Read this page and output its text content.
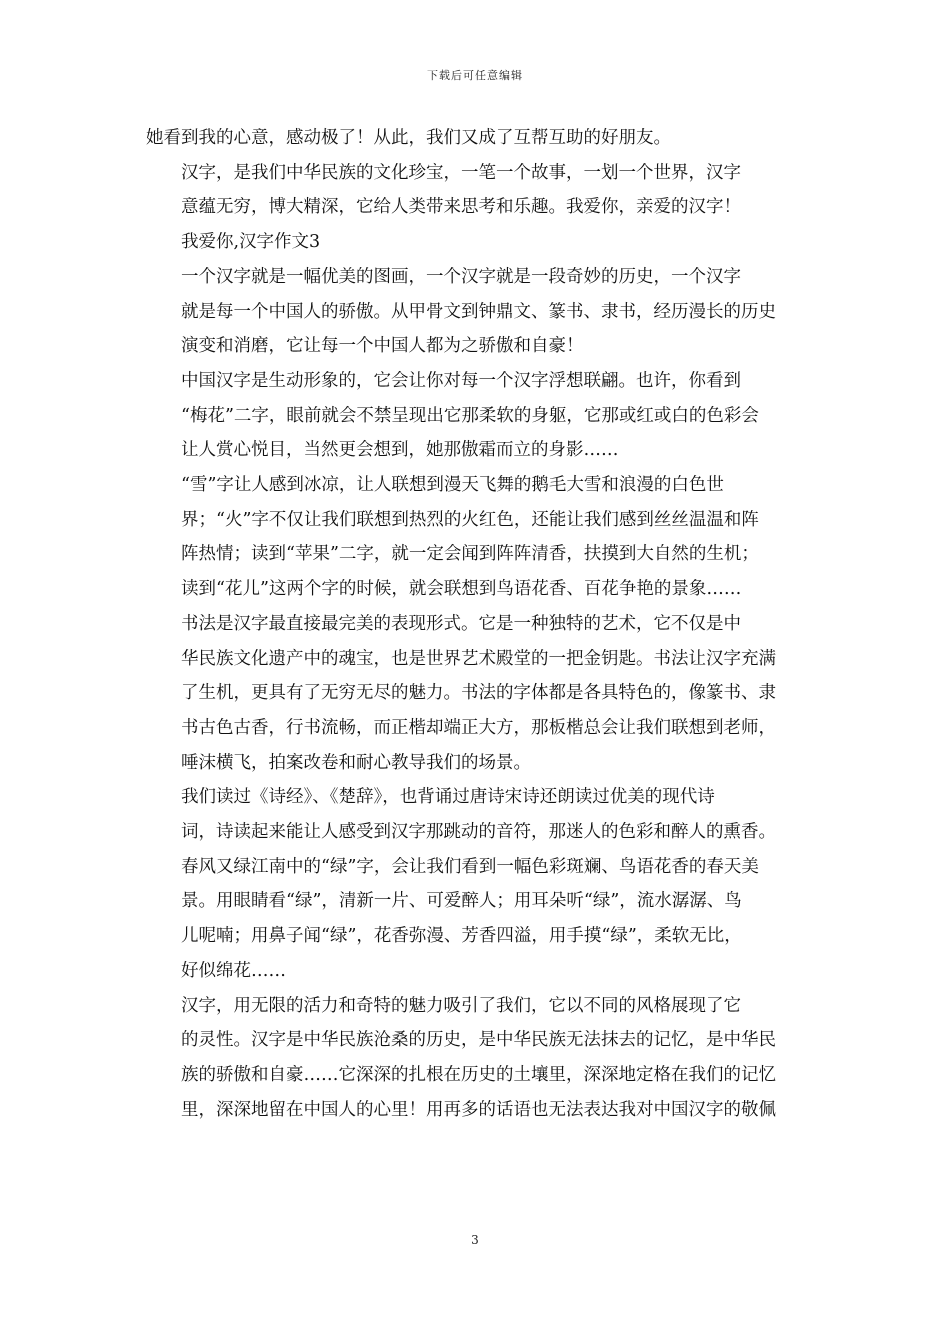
下载后可任意编辑

她看到我的心意，感动极了！从此，我们又成了互帮互助的好朋友。

汉字，是我们中华民族的文化珍宝，一笔一个故事，一划一个世界，汉字
意蕴无穷，博大精深，它给人类带来思考和乐趣。我爱你，亲爱的汉字！

我爱你,汉字作文3

一个汉字就是一幅优美的图画，一个汉字就是一段奇妙的历史，一个汉字
就是每一个中国人的骄傲。从甲骨文到钟鼎文、篆书、隶书，经历漫长的历史
演变和消磨，它让每一个中国人都为之骄傲和自豪！

中国汉字是生动形象的，它会让你对每一个汉字浮想联翩。也许，你看到
“梅花”二字，眼前就会不禁呈现出它那柔软的身躯，它那或红或白的色彩会
让人赏心悦目，当然更会想到，她那傲霜而立的身影……

“雪”字让人感到冰凉，让人联想到漫天飞舞的鹅毛大雪和浪漫的白色世
界；“火”字不仅让我们联想到热烈的火红色，还能让我们感到丝丝温温和阵
阵热情；读到“苹果”二字，就一定会闻到阵阵清香，扶摸到大自然的生机；
读到“花儿”这两个字的时候，就会联想到鸟语花香、百花争艳的景象……

书法是汉字最直接最完美的表现形式。它是一种独特的艺术，它不仅是中
华民族文化遗产中的魂宝，也是世界艺术殿堂的一把金钥匙。书法让汉字充满
了生机，更具有了无穷无尽的魅力。书法的字体都是各具特色的，像篆书、隶
书古色古香，行书流畅，而正楷却端正大方，那板楷总会让我们联想到老师，
唾沫横飞，拍案改卷和耐心教导我们的场景。

我们读过《诗经》、《楚辞》，也背诵过唐诗宋诗还朗读过优美的现代诗
词，诗读起来能让人感受到汉字那跳动的音符，那迷人的色彩和醉人的熏香。
春风又绿江南中的“绿”字，会让我们看到一幅色彩斑斓、鸟语花香的春天美
景。用眼睛看“绿”，清新一片、可爱醉人；用耳朵听“绿”，流水潺潺、鸟
儿呢喃；用鼻子闻“绿”，花香弥漫、芳香四溢，用手摸“绿”，柔软无比，
好似绵花……

汉字，用无限的活力和奇特的魅力吸引了我们，它以不同的风格展现了它
的灵性。汉字是中华民族沧桑的历史，是中华民族无法抹去的记忆，是中华民
族的骄傲和自豪……它深深的扎根在历史的土壤里，深深地定格在我们的记忆
里，深深地留在中国人的心里！用再多的话语也无法表达我对中国汉字的敬佩

3
